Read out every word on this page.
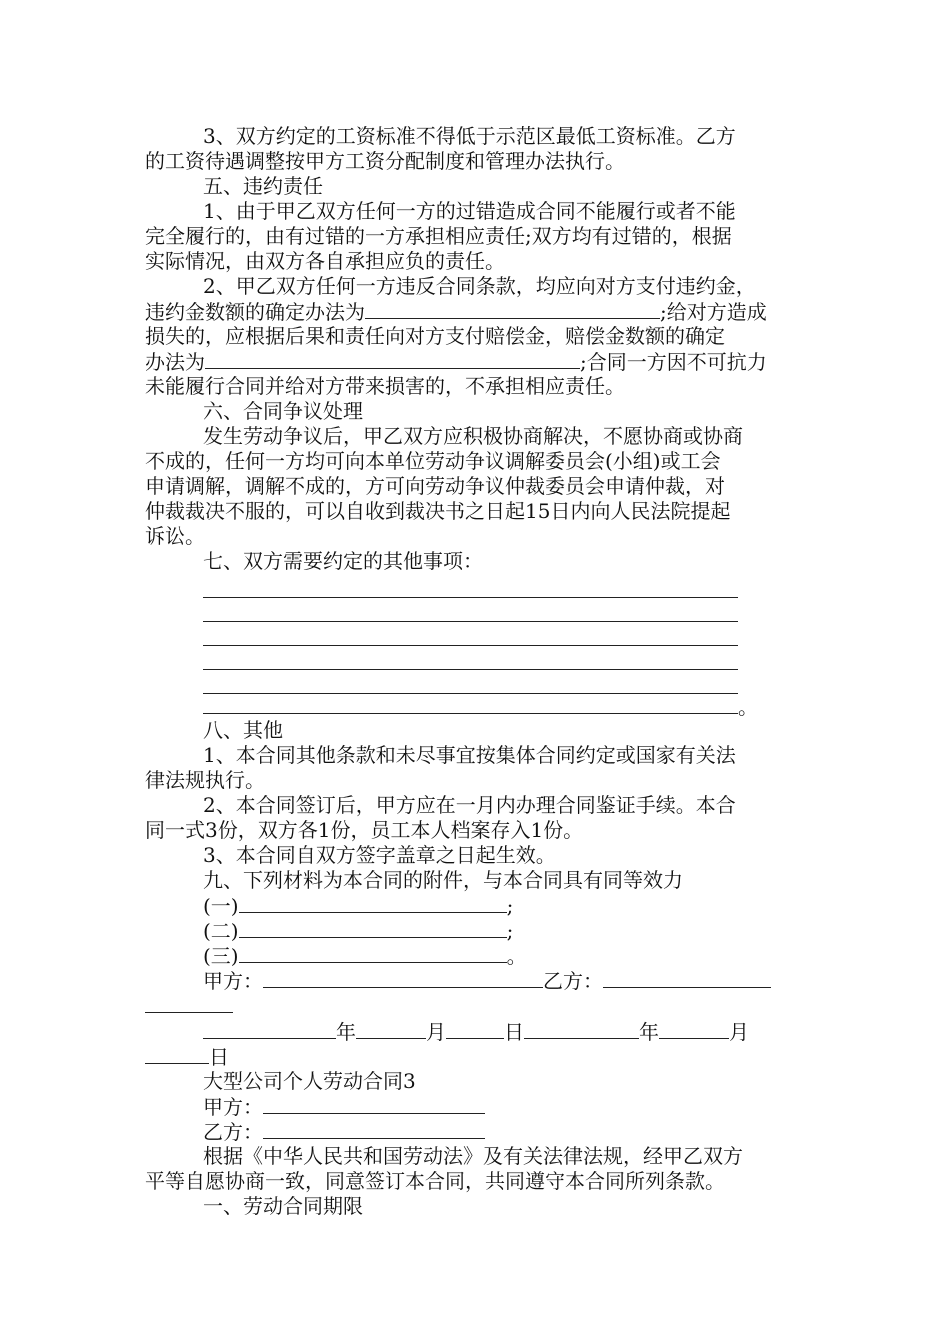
3、双方约定的工资标准不得低于示范区最低工资标准。乙方
的工资待遇调整按甲方工资分配制度和管理办法执行。
五、违约责任
1、由于甲乙双方任何一方的过错造成合同不能履行或者不能
完全履行的，由有过错的一方承担相应责任;双方均有过错的，根据
实际情况，由双方各自承担应负的责任。
2、甲乙双方任何一方违反合同条款，均应向对方支付违约金，
违约金数额的确定办法为	;给对方造成
损失的，应根据后果和责任向对方支付赔偿金，赔偿金数额的确定
办法为	;合同一方因不可抗力
未能履行合同并给对方带来损害的，不承担相应责任。
六、合同争议处理
发生劳动争议后，甲乙双方应积极协商解决，不愿协商或协商
不成的，任何一方均可向本单位劳动争议调解委员会(小组)或工会
申请调解，调解不成的，方可向劳动争议仲裁委员会申请仲裁，对
仲裁裁决不服的，可以自收到裁决书之日起15日内向人民法院提起
诉讼。
七、双方需要约定的其他事项：
。
八、其他
1、本合同其他条款和未尽事宜按集体合同约定或国家有关法
律法规执行。
2、本合同签订后，甲方应在一月内办理合同鉴证手续。本合
同一式3份，双方各1份，员工本人档案存入1份。
3、本合同自双方签字盖章之日起生效。
九、下列材料为本合同的附件，与本合同具有同等效力
(一)	;
(二)	;
(三)	。
甲方：	乙方：
年	月	日	年	月
日
大型公司个人劳动合同3
甲方：
乙方：
根据《中华人民共和国劳动法》及有关法律法规，经甲乙双方
平等自愿协商一致，同意签订本合同，共同遵守本合同所列条款。
一、劳动合同期限
